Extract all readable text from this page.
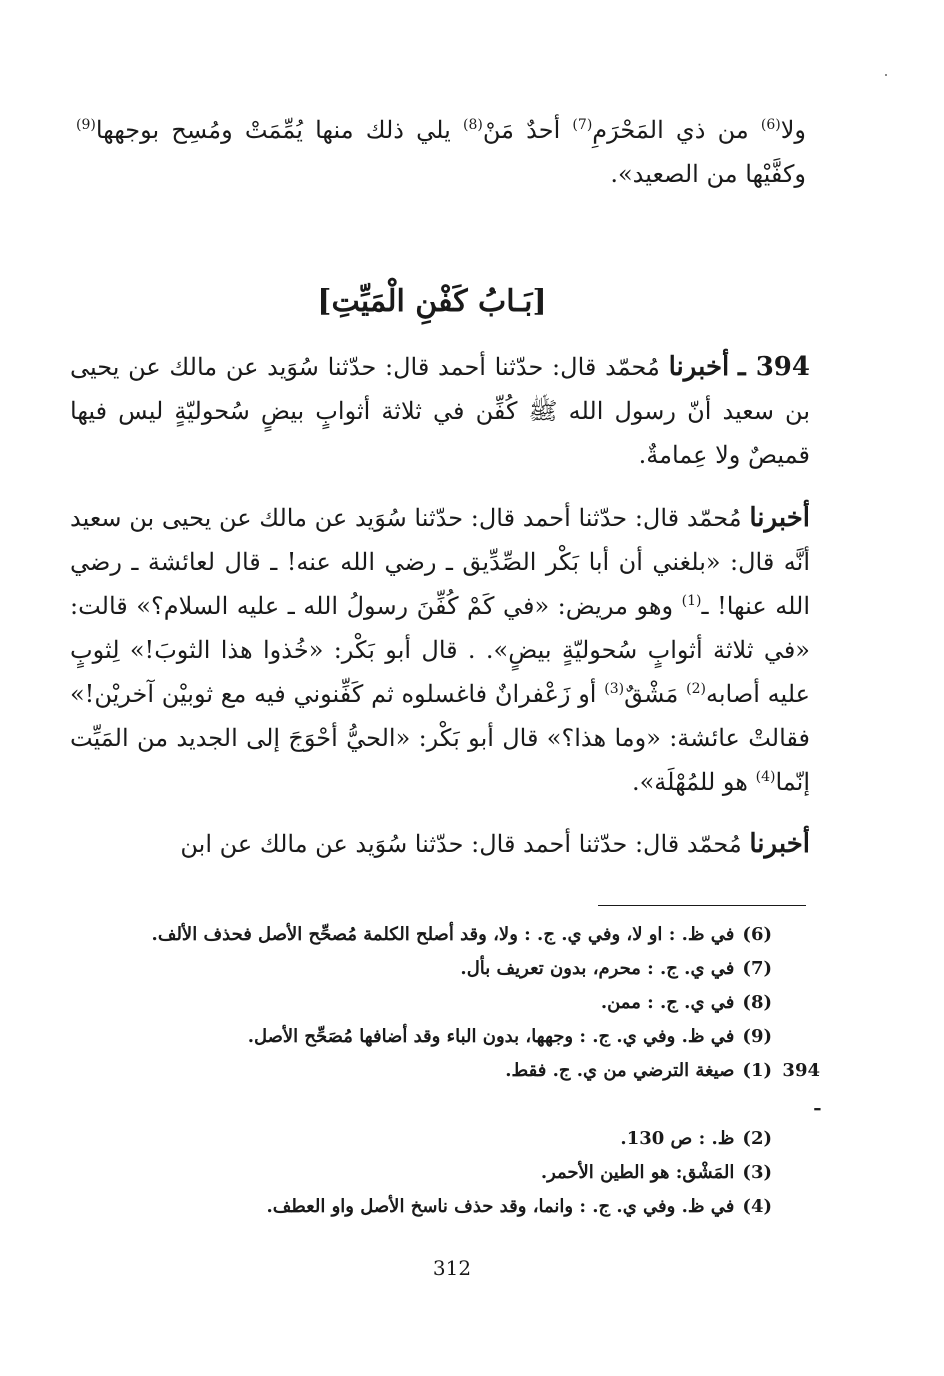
ولا$^{(6)}$ من ذي المَحْرَمِ$^{(7)}$ أحدٌ مَنْ$^{(8)}$ يلي ذلك منها يُمِّمَتْ ومُسِح بوجهها$^{(9)}$ وكفَّيْها من الصعيد».
[بَـابُ كَفْنِ الْمَيِّتِ]
394 ـ أخبرنا مُحمّد قال: حدّثنا أحمد قال: حدّثنا سُوَيد عن مالك عن يحيى بن سعيد أنّ رسول الله ﷺ كُفِّن في ثلاثة أثوابٍ بيضٍ سُحوليّةٍ ليس فيها قميصٌ ولا عِمامةٌ.
أخبرنا مُحمّد قال: حدّثنا أحمد قال: حدّثنا سُوَيد عن مالك عن يحيى بن سعيد أنَّه قال: «بلغني أن أبا بَكْر الصِّدِّيق ـ رضي الله عنه! ـ قال لعائشة ـ رضي الله عنها! ـ$^{(1)}$ وهو مريض: «في كَمْ كُفِّنَ رسولُ الله ـ عليه السلام؟» قالت: «في ثلاثة أثوابٍ سُحوليّةٍ بيضٍ». . قال أبو بَكْر: «خُذوا هذا الثوبَ!» لِثوبٍ عليه أصابه$^{(2)}$ مَشْقٌ$^{(3)}$ أو زَعْفرانٌ فاغسلوه ثم كَفِّنوني فيه مع ثوبيْن آخريْن!» فقالتْ عائشة: «وما هذا؟» قال أبو بَكْر: «الحيُّ أحْوَجَ إلى الجديد من المَيِّت إنّما$^{(4)}$ هو للمُهْلَة».
أخبرنا مُحمّد قال: حدّثنا أحمد قال: حدّثنا سُوَيد عن مالك عن ابن
(6)في ظ. : او لا، وفي ي. ج. : ولا، وقد أصلح الكلمة مُصحِّح الأصل فحذف الألف.
(7)في ي. ج. : محرم، بدون تعريف بأل.
(8)في ي. ج. : ممن.
(9)في ظ. وفي ي. ج. : وجهها، بدون الباء وقد أضافها مُصَحِّح الأصل.
394 ـ
(1)صيغة الترضي من ي. ج. فقط.
(2)ظ. : ص 130.
(3)المَشْق: هو الطين الأحمر.
(4)في ظ. وفي ي. ج. : وانما، وقد حذف ناسخ الأصل واو العطف.
312
